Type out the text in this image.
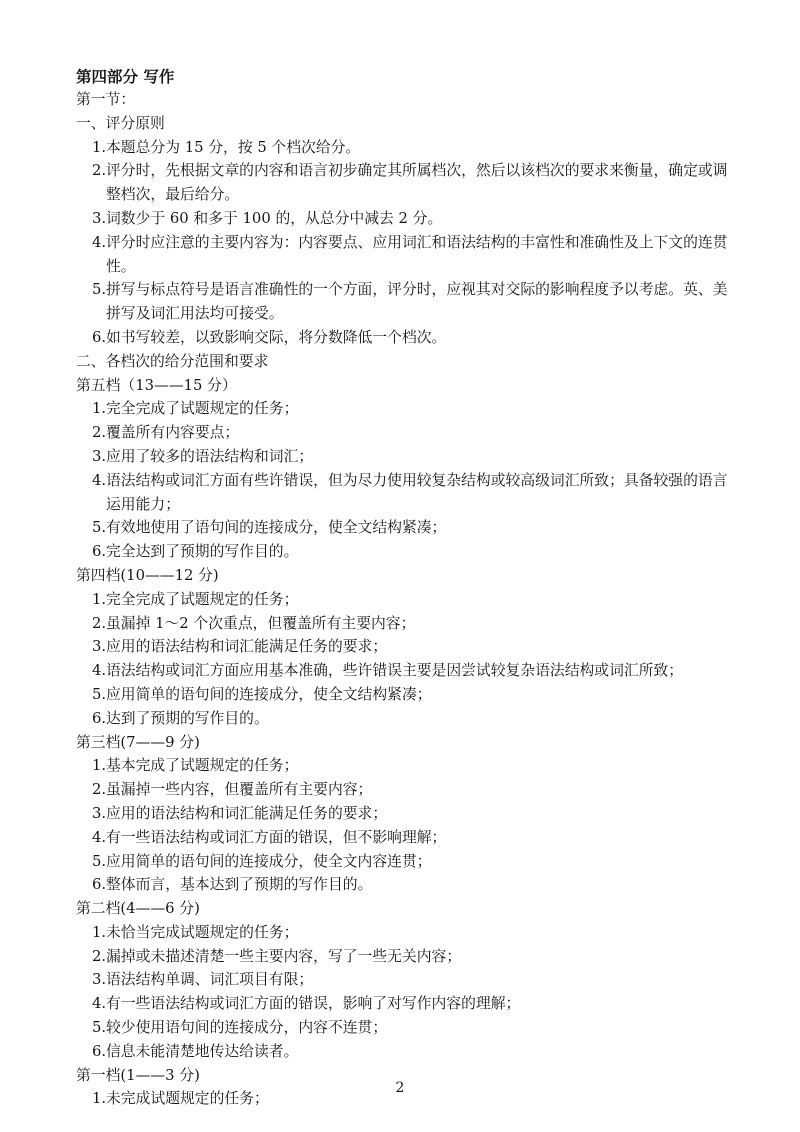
第四部分 写作

第一节：

一、评分原则

1. 本题总分为 15 分，按 5 个档次给分。
2. 评分时，先根据文章的内容和语言初步确定其所属档次，然后以该档次的要求来衡量，确定或调整档次，最后给分。
3. 词数少于 60 和多于 100 的，从总分中减去 2 分。
4. 评分时应注意的主要内容为：内容要点、应用词汇和语法结构的丰富性和准确性及上下文的连贯性。
5. 拼写与标点符号是语言准确性的一个方面，评分时，应视其对交际的影响程度予以考虑。英、美拼写及词汇用法均可接受。
6. 如书写较差，以致影响交际，将分数降低一个档次。

二、各档次的给分范围和要求

第五档（13——15 分）

1. 完全完成了试题规定的任务；
2. 覆盖所有内容要点；
3. 应用了较多的语法结构和词汇；
4. 语法结构或词汇方面有些许错误，但为尽力使用较复杂结构或较高级词汇所致；具备较强的语言运用能力；
5. 有效地使用了语句间的连接成分，使全文结构紧凑；
6. 完全达到了预期的写作目的。

第四档(10——12 分)

1. 完全完成了试题规定的任务；
2. 虽漏掉 1～2 个次重点，但覆盖所有主要内容；
3. 应用的语法结构和词汇能满足任务的要求；
4. 语法结构或词汇方面应用基本准确，些许错误主要是因尝试较复杂语法结构或词汇所致；
5. 应用简单的语句间的连接成分，使全文结构紧凑；
6. 达到了预期的写作目的。

第三档(7——9 分)

1. 基本完成了试题规定的任务；
2. 虽漏掉一些内容，但覆盖所有主要内容；
3. 应用的语法结构和词汇能满足任务的要求；
4. 有一些语法结构或词汇方面的错误，但不影响理解；
5. 应用简单的语句间的连接成分，使全文内容连贯；
6. 整体而言，基本达到了预期的写作目的。

第二档(4——6 分)

1. 未恰当完成试题规定的任务；
2. 漏掉或未描述清楚一些主要内容，写了一些无关内容；
3. 语法结构单调、词汇项目有限；
4. 有一些语法结构或词汇方面的错误，影响了对写作内容的理解；
5. 较少使用语句间的连接成分，内容不连贯；
6. 信息未能清楚地传达给读者。

第一档(1——3 分)

1. 未完成试题规定的任务；
2
